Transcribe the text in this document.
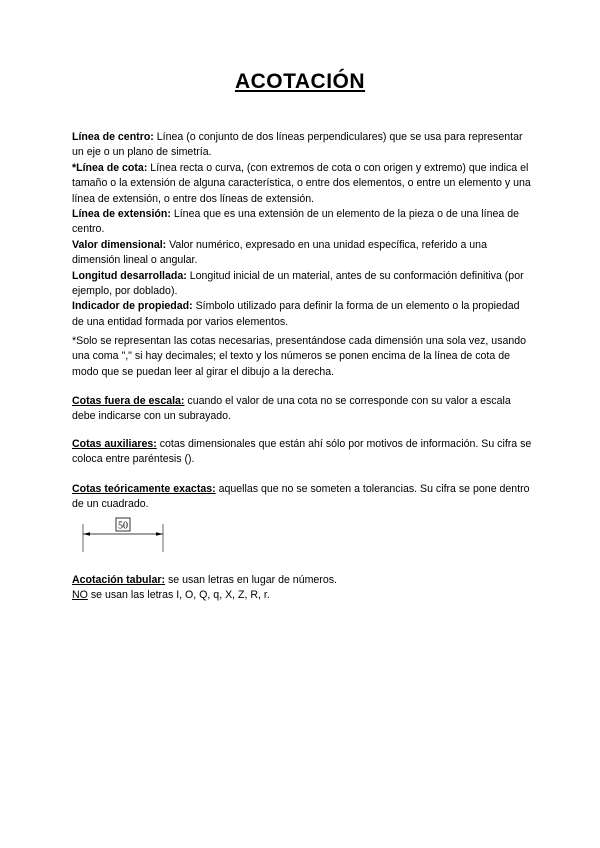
ACOTACIÓN

Línea de centro: Línea (o conjunto de dos líneas perpendiculares) que se usa para representar un eje o un plano de simetría.

*Línea de cota: Línea recta o curva, (con extremos de cota o con origen y extremo) que indica el tamaño o la extensión de alguna característica, o entre dos elementos, o entre un elemento y una línea de extensión, o entre dos líneas de extensión.

Línea de extensión: Línea que es una extensión de un elemento de la pieza o de una línea de centro.

Valor dimensional: Valor numérico, expresado en una unidad específica, referido a una dimensión lineal o angular.

Longitud desarrollada: Longitud inicial de un material, antes de su conformación definitiva (por ejemplo, por doblado).

Indicador de propiedad: Símbolo utilizado para definir la forma de un elemento o la propiedad de una entidad formada por varios elementos.

*Solo se representan las cotas necesarias, presentándose cada dimensión una sola vez, usando una coma "," si hay decimales; el texto y los números se ponen encima de la línea de cota de modo que se puedan leer al girar el dibujo a la derecha.

Cotas fuera de escala: cuando el valor de una cota no se corresponde con su valor a escala debe indicarse con un subrayado.

Cotas auxiliares: cotas dimensionales que están ahí sólo por motivos de información. Su cifra se coloca entre paréntesis ().

Cotas teóricamente exactas: aquellas que no se someten a tolerancias. Su cifra se pone dentro de un cuadrado.

50

Acotación tabular: se usan letras en lugar de números.

NO se usan las letras I, O, Q, q, X, Z, R, r.
